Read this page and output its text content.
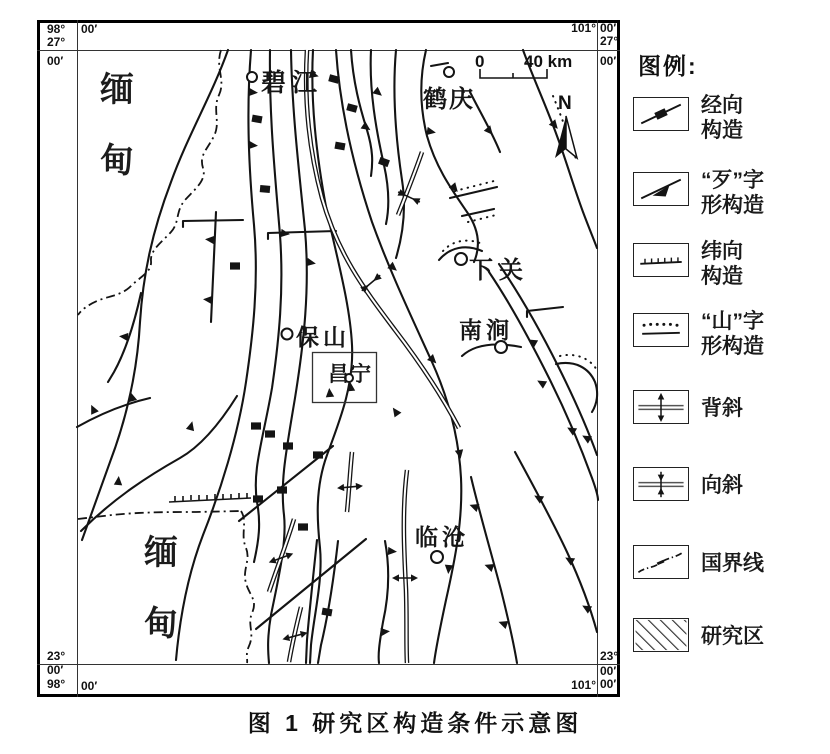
98° 00′
27°
00′
101° 00′
27°
00′
23°
00′
98° 00′
23°
00′
101° 00′
缅
甸
缅
甸
碧江
鹤庆
下关
保山
昌宁
南涧
临沧
0 40 km
N
图例:
经向
构造
“歹”字
形构造
纬向
构造
“山”字
形构造
背斜
向斜
国界线
研究区
图 1 研究区构造条件示意图
